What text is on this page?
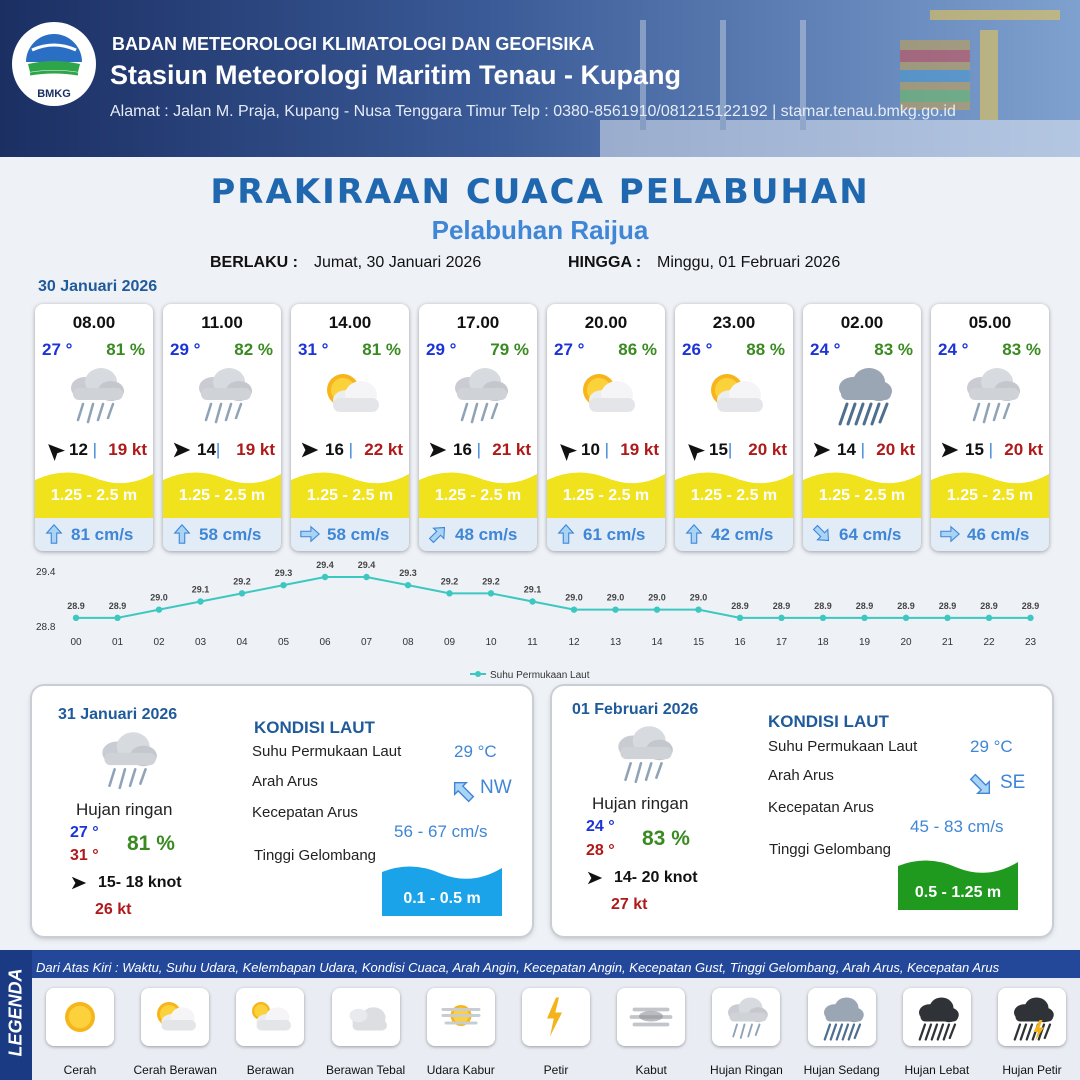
BMKG
BADAN METEOROLOGI KLIMATOLOGI DAN GEOFISIKA
Stasiun Meteorologi Maritim Tenau - Kupang
Alamat : Jalan M. Praja, Kupang - Nusa Tenggara Timur Telp : 0380-8561910/081215122192 | stamar.tenau.bmkg.go.id
PRAKIRAAN CUACA PELABUHAN
Pelabuhan Raijua
BERLAKU : Jumat, 30 Januari 2026	HINGGA : Minggu, 01 Februari 2026
30 Januari 2026
08.00
27 ° 81 %
12 | 19 kt
1.25 - 2.5 m
81 cm/s
11.00
29 ° 82 %
14| 19 kt
1.25 - 2.5 m
58 cm/s
14.00
31 ° 81 %
16 | 22 kt
1.25 - 2.5 m
58 cm/s
17.00
29 ° 79 %
16 | 21 kt
1.25 - 2.5 m
48 cm/s
20.00
27 ° 86 %
10 | 19 kt
1.25 - 2.5 m
61 cm/s
23.00
26 ° 88 %
15| 20 kt
1.25 - 2.5 m
42 cm/s
02.00
24 ° 83 %
14 | 20 kt
1.25 - 2.5 m
64 cm/s
05.00
24 ° 83 %
15 | 20 kt
1.25 - 2.5 m
46 cm/s
29.4
28.8
28.9
00
28.9
01
29.0
02
29.1
03
29.2
04
29.3
05
29.4
06
29.4
07
29.3
08
29.2
09
29.2
10
29.1
11
29.0
12
29.0
13
29.0
14
29.0
15
28.9
16
28.9
17
28.9
18
28.9
19
28.9
20
28.9
21
28.9
22
28.9
23
Suhu Permukaan Laut
31 Januari 2026
Hujan ringan
27 °
31 °
81 %
15- 18 knot
26 kt
KONDISI LAUT
Suhu Permukaan Laut	29 °C
Arah Arus	NW
Kecepatan Arus
56 - 67 cm/s
Tinggi Gelombang
0.1 - 0.5 m
01 Februari 2026
Hujan ringan
24 °
28 °
83 %
14- 20 knot
27 kt
KONDISI LAUT
Suhu Permukaan Laut	29 °C
Arah Arus	SE
Kecepatan Arus
45 - 83 cm/s
Tinggi Gelombang
0.5 - 1.25 m
LEGENDA
Dari Atas Kiri : Waktu, Suhu Udara, Kelembapan Udara, Kondisi Cuaca, Arah Angin, Kecepatan Angin, Kecepatan Gust, Tinggi Gelombang, Arah Arus, Kecepatan Arus
Cerah	Cerah Berawan	Berawan	Berawan Tebal	Udara Kabur	Petir	Kabut	Hujan Ringan	Hujan Sedang	Hujan Lebat	Hujan Petir
